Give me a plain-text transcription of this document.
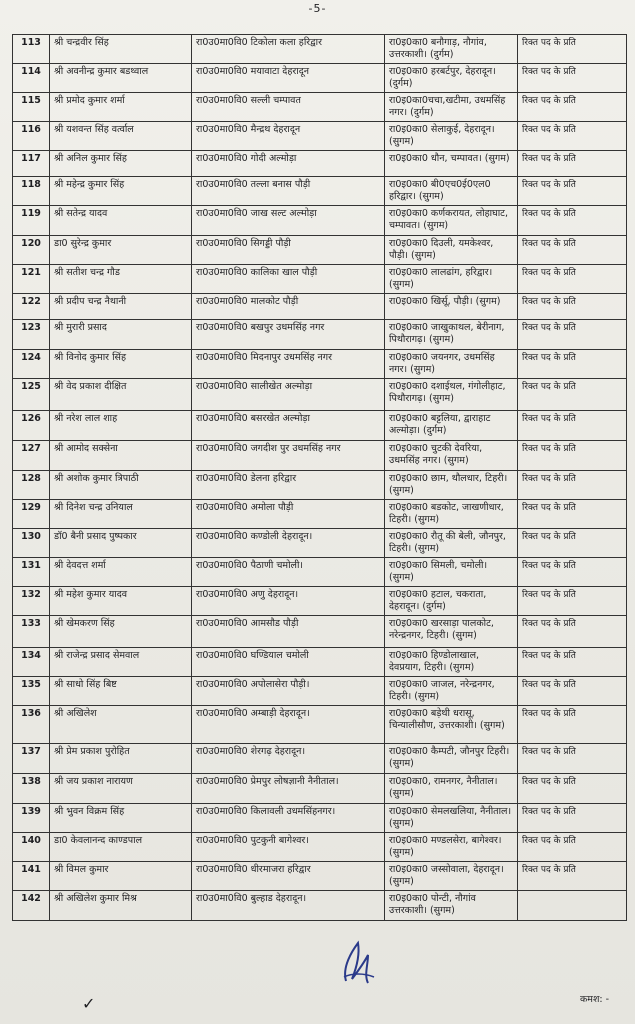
-5-
113	श्री चन्द्रवीर सिंह	रा0उ0मा0वि0 टिकोला कला हरिद्वार	रा0इ0का0 बनौगाड़, नौगांव, उत्तरकाशी। (दुर्गम)	रिक्त पद के प्रति
114	श्री अवनीन्द्र कुमार बडथ्वाल	रा0उ0मा0वि0 मयावाटा देहरादून	रा0इ0का0 हरबर्टपुर, देहरादून। (दुर्गम)	रिक्त पद के प्रति
115	श्री प्रमोद कुमार शर्मा	रा0उ0मा0वि0 सल्ली चम्पावत	रा0इ0का0चचा,खटीमा, उधमसिंह नगर। (दुर्गम)	रिक्त पद के प्रति
116	श्री यशवन्त सिंह वर्त्वाल	रा0उ0मा0वि0 मैन्द्रथ देहरादून	रा0इ0का0 सेलाकुई, देहरादून। (सुगम)	रिक्त पद के प्रति
117	श्री अनिल कुमार सिंह	रा0उ0मा0वि0 गोदी अल्मोड़ा	रा0इ0का0 धौन, चम्पावत। (सुगम)	रिक्त पद के प्रति
118	श्री महेन्द्र कुमार सिंह	रा0उ0मा0वि0 तल्ला बनास पौड़ी	रा0इ0का0 बी0एच0ई0एल0 हरिद्वार। (सुगम)	रिक्त पद के प्रति
119	श्री सतेन्द्र यादव	रा0उ0मा0वि0 जाख सल्ट अल्मोड़ा	रा0इ0का0 कर्णकरायत, लोहाघाट, चम्पावत। (सुगम)	रिक्त पद के प्रति
120	डा0 सुरेन्द्र कुमार	रा0उ0मा0वि0 सिगड्डी पौड़ी	रा0इ0का0 दिउली, यमकेश्वर, पौड़ी। (सुगम)	रिक्त पद के प्रति
121	श्री सतीश चन्द्र गौड	रा0उ0मा0वि0 कालिका खाल पौड़ी	रा0इ0का0 लालढांग, हरिद्वार। (सुगम)	रिक्त पद के प्रति
122	श्री प्रदीप चन्द्र नैथानी	रा0उ0मा0वि0 मालकोट पौड़ी	रा0इ0का0 खिर्सू, पौड़ी। (सुगम)	रिक्त पद के प्रति
123	श्री मुरारी प्रसाद	रा0उ0मा0वि0 बखपुर उधमसिंह नगर	रा0इ0का0 जाखुकाथल, बेरीनाग, पिथौरागढ़। (सुगम)	रिक्त पद के प्रति
124	श्री विनोद कुमार सिंह	रा0उ0मा0वि0 मिदनापुर उधमसिंह नगर	रा0इ0का0 जयनगर, उधमसिंह नगर। (सुगम)	रिक्त पद के प्रति
125	श्री वेद प्रकाश दीक्षित	रा0उ0मा0वि0 सालीखेत अल्मोड़ा	रा0इ0का0 दशाईथल, गंगोलीहाट, पिथौरागढ़। (सुगम)	रिक्त पद के प्रति
126	श्री नरेश लाल शाह	रा0उ0मा0वि0 बसरखेत अल्मोड़ा	रा0इ0का0 बट्टलिया, द्वाराहाट अल्मोड़ा। (दुर्गम)	रिक्त पद के प्रति
127	श्री आमोद सक्सेना	रा0उ0मा0वि0 जगदीश पुर उधमसिंह नगर	रा0इ0का0 चुटकी देवरिया, उधमसिंह नगर। (सुगम)	रिक्त पद के प्रति
128	श्री अशोक कुमार त्रिपाठी	रा0उ0मा0वि0 डेलना हरिद्वार	रा0इ0का0 छाम, थौलधार, टिहरी। (सुगम)	रिक्त पद के प्रति
129	श्री दिनेश चन्द्र उनियाल	रा0उ0मा0वि0 अमोला पौड़ी	रा0इ0का0 बडकोट, जाखणीधार, टिहरी। (सुगम)	रिक्त पद के प्रति
130	डॉ0 बैनी प्रसाद पुष्पकार	रा0उ0मा0वि0 कण्डोली देहरादून।	रा0इ0का0 रौतू की बेली, जौनपुर, टिहरी। (सुगम)	रिक्त पद के प्रति
131	श्री देवदत्त शर्मा	रा0उ0मा0वि0 पैठाणी चमोली।	रा0इ0का0 सिमली, चमोली। (सुगम)	रिक्त पद के प्रति
132	श्री महेश कुमार यादव	रा0उ0मा0वि0 अणु देहरादून।	रा0इ0का0 हटाल, चकराता, देहरादून। (दुर्गम)	रिक्त पद के प्रति
133	श्री खेमकरण सिंह	रा0उ0मा0वि0 आमसौड पौड़ी	रा0इ0का0 खरसाड़ा पालकोट, नरेन्द्रनगर, टिहरी। (सुगम)	रिक्त पद के प्रति
134	श्री राजेन्द्र प्रसाद सेमवाल	रा0उ0मा0वि0 घण्डियाल चमोली	रा0इ0का0 हिण्डोलाखाल, देवप्रयाग, टिहरी। (सुगम)	रिक्त पद के प्रति
135	श्री साधो सिंह बिष्ट	रा0उ0मा0वि0 अपोलासेरा पौड़ी।	रा0इ0का0 जाजल, नरेन्द्रनगर, टिहरी। (सुगम)	रिक्त पद के प्रति
136	श्री अखिलेश	रा0उ0मा0वि0 अम्बाड़ी देहरादून।	रा0इ0का0 बड़ेथी धरासू, चिन्यालीसौण, उत्तरकाशी। (सुगम)	रिक्त पद के प्रति
137	श्री प्रेम प्रकाश पुरोहित	रा0उ0मा0वि0 शेरगढ़ देहरादून।	रा0इ0का0 कैम्पटी, जौनपुर टिहरी। (सुगम)	रिक्त पद के प्रति
138	श्री जय प्रकाश नारायण	रा0उ0मा0वि0 प्रेमपुर लोषज्ञानी नैनीताल।	रा0इ0का0, रामनगर, नैनीताल। (सुगम)	रिक्त पद के प्रति
139	श्री भुवन विक्रम सिंह	रा0उ0मा0वि0 किलावली उधमसिंहनगर।	रा0इ0का0 सेमलखलिया, नैनीताल। (सुगम)	रिक्त पद के प्रति
140	डा0 केवलानन्द काण्डपाल	रा0उ0मा0वि0 पुटकुनी बागेश्वर।	रा0इ0का0 मण्डलसेरा, बागेश्वर। (सुगम)	रिक्त पद के प्रति
141	श्री विमल कुमार	रा0उ0मा0वि0 धीरमाजरा हरिद्वार	रा0इ0का0 जस्सोवाला, देहरादून। (सुगम)	रिक्त पद के प्रति
142	श्री अखिलेश कुमार मिश्र	रा0उ0मा0वि0 बुल्हाड देहरादून।	रा0इ0का0 पोन्टी, नौगांव उत्तरकाशी। (सुगम)	
✓	कमश: -
